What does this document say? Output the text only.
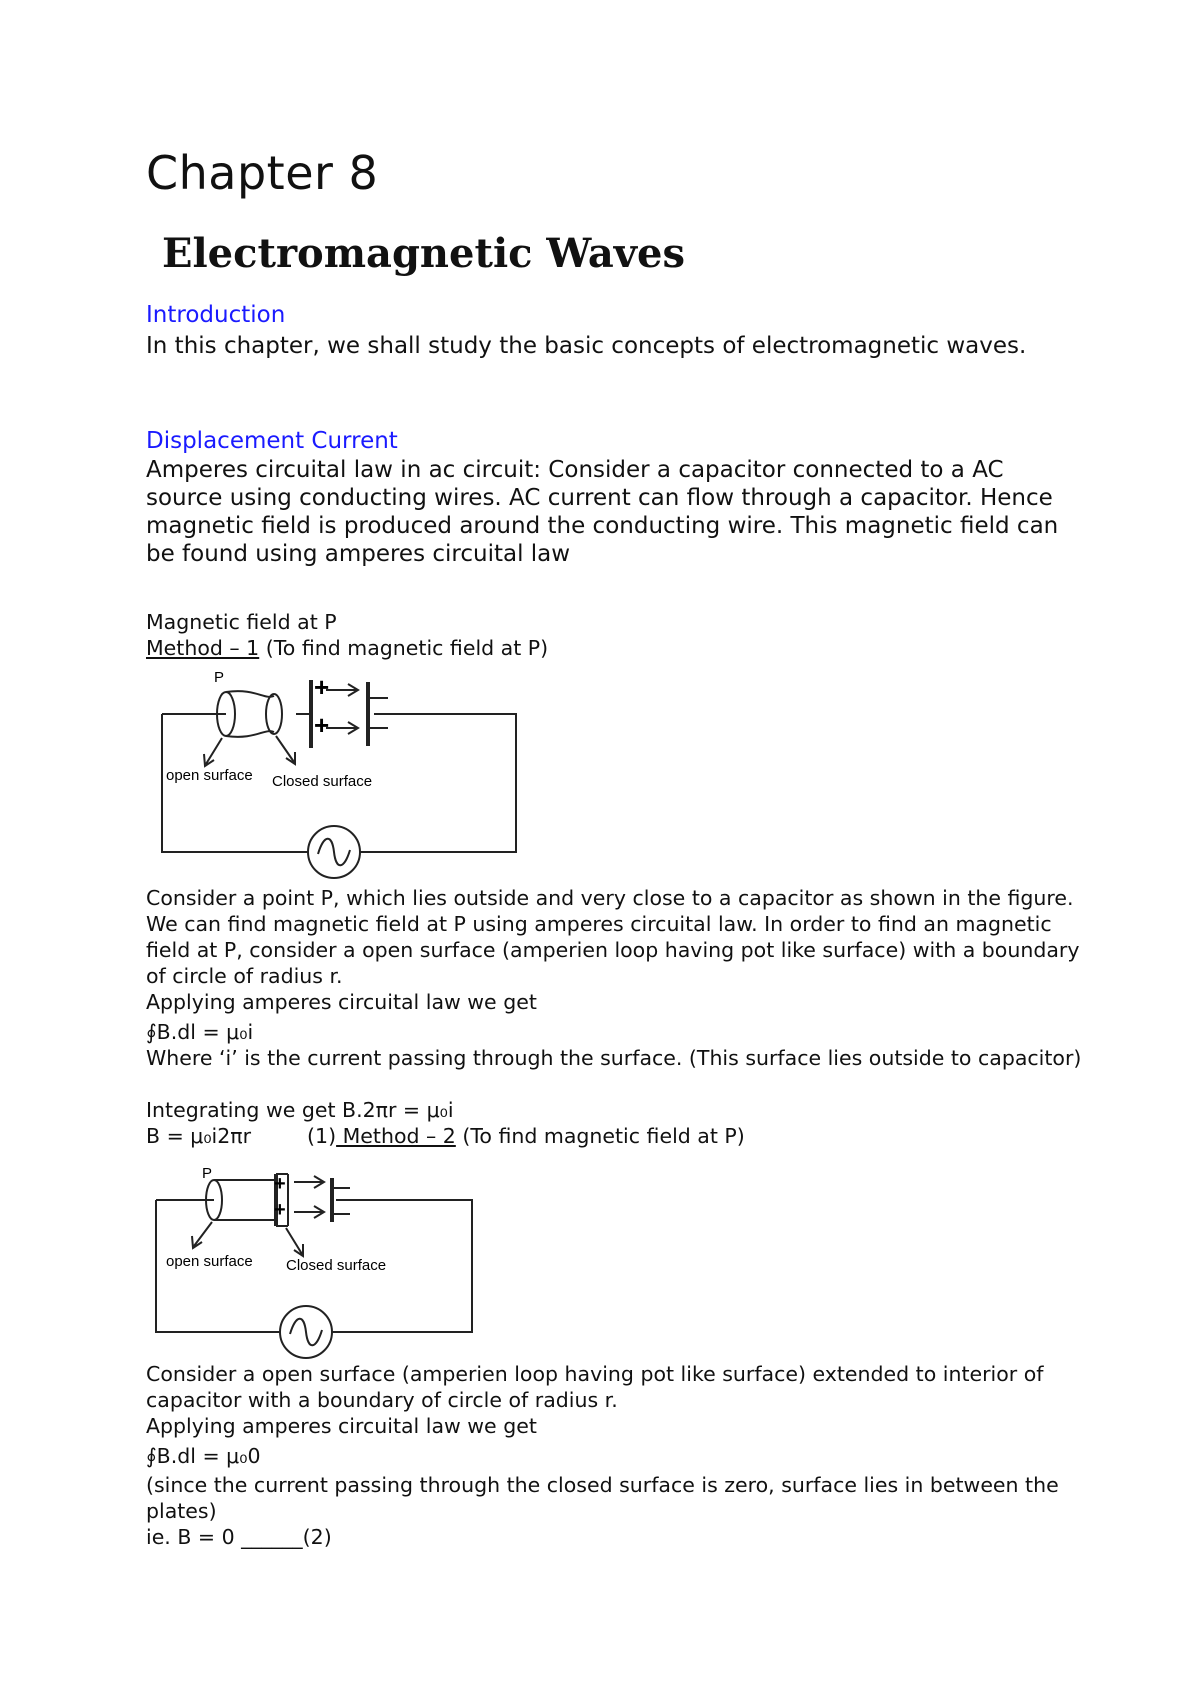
Chapter 8
Electromagnetic Waves
Introduction

In this chapter, we shall study the basic concepts of electromagnetic waves.

Displacement Current

Amperes circuital law in ac circuit: Consider a capacitor connected to a AC source using conducting wires. AC current can flow through a capacitor. Hence magnetic field is produced around the conducting wire. This magnetic field can be found using amperes circuital law

Magnetic field at P
Method – 1 (To find magnetic field at P)
P	+
+
open surface Closed surface

Consider a point P, which lies outside and very close to a capacitor as shown in the figure. We can find magnetic field at P using amperes circuital law. In order to find an magnetic field at P, consider a open surface (amperien loop having pot like surface) with a boundary of circle of radius r.

Applying amperes circuital law we get
∮B.dl = μ₀i

Where ‘i’ is the current passing through the surface. (This surface lies outside to capacitor)

Integrating we get B.2πr = μ₀i
B = μ₀i2πr	(1) Method – 2 (To find magnetic field at P)
P	+
+
open surface Closed surface

Consider a open surface (amperien loop having pot like surface) extended to interior of capacitor with a boundary of circle of radius r.

Applying amperes circuital law we get
∮B.dl = μ₀0

(since the current passing through the closed surface is zero, surface lies in between the plates)

ie. B = 0 ______(2)
